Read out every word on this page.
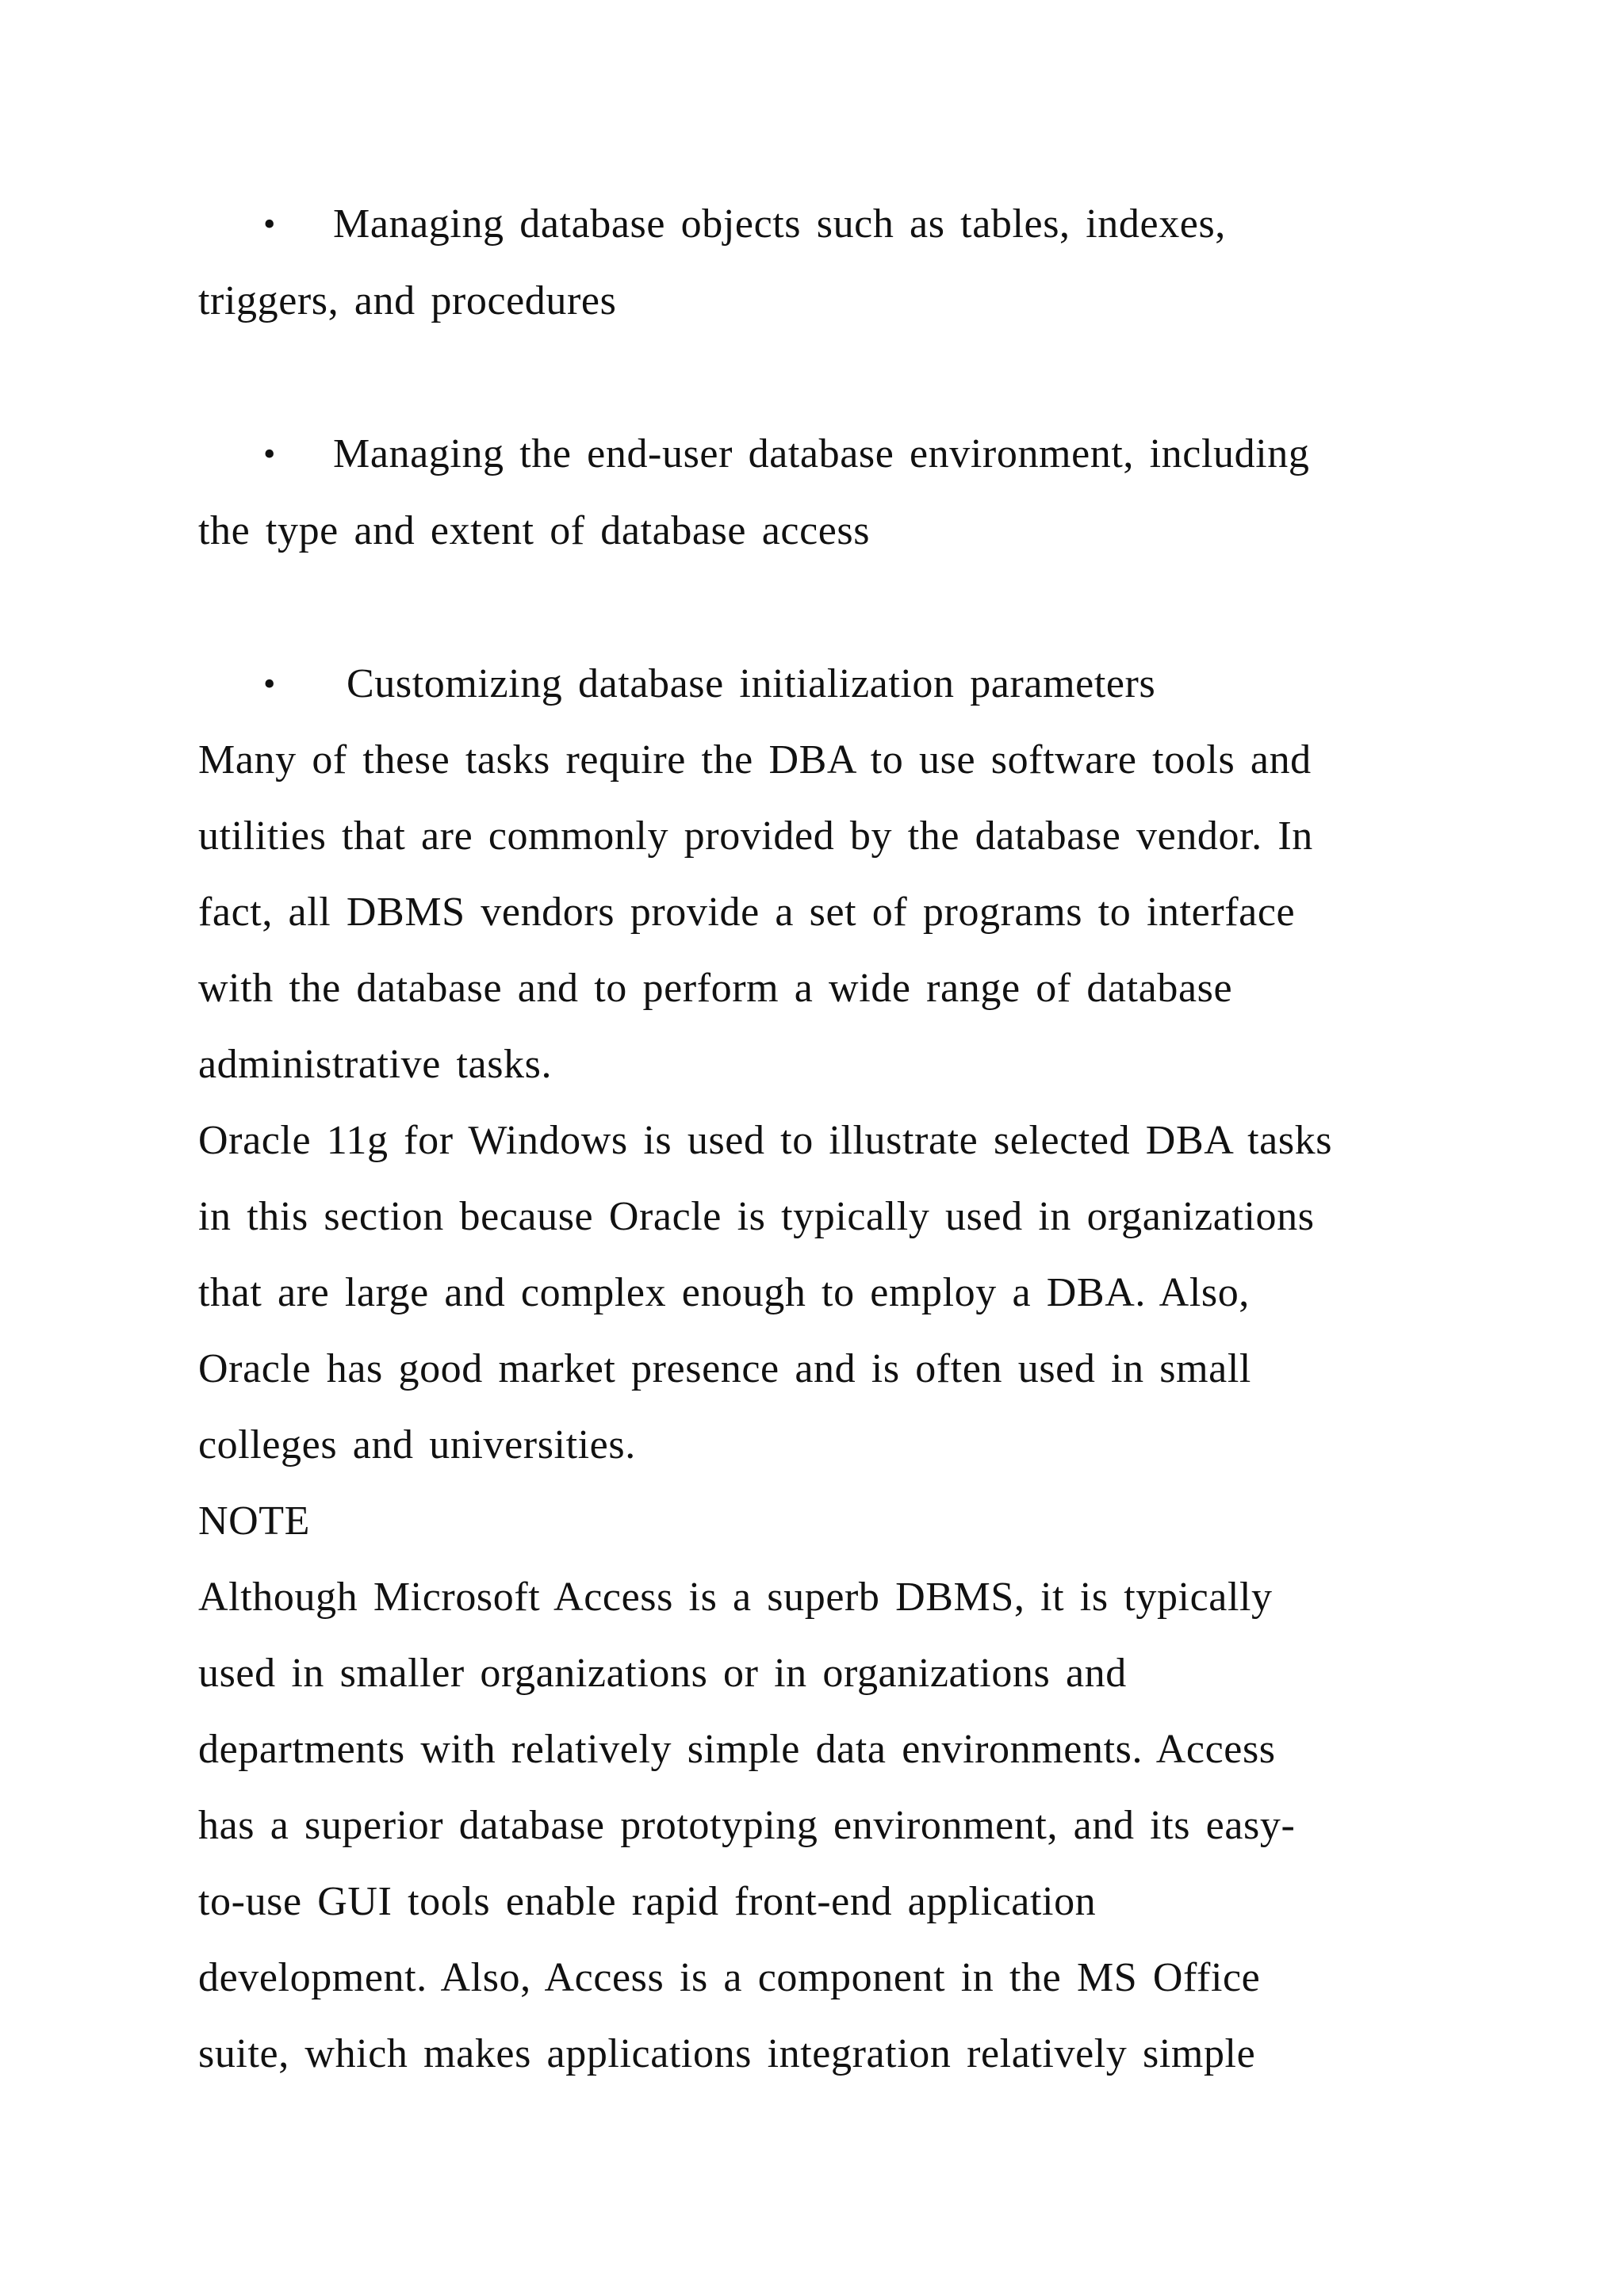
• Managing database objects such as tables, indexes,
triggers, and procedures
• Managing the end-user database environment, including
the type and extent of database access
• Customizing database initialization parameters
Many of these tasks require the DBA to use software tools and
utilities that are commonly provided by the database vendor. In
fact, all DBMS vendors provide a set of programs to interface
with the database and to perform a wide range of database
administrative tasks.
Oracle 11g for Windows is used to illustrate selected DBA tasks
in this section because Oracle is typically used in organizations
that are large and complex enough to employ a DBA. Also,
Oracle has good market presence and is often used in small
colleges and universities.
NOTE
Although Microsoft Access is a superb DBMS, it is typically
used in smaller organizations or in organizations and
departments with relatively simple data environments. Access
has a superior database prototyping environment, and its easy-
to-use GUI tools enable rapid front-end application
development. Also, Access is a component in the MS Office
suite, which makes applications integration relatively simple
